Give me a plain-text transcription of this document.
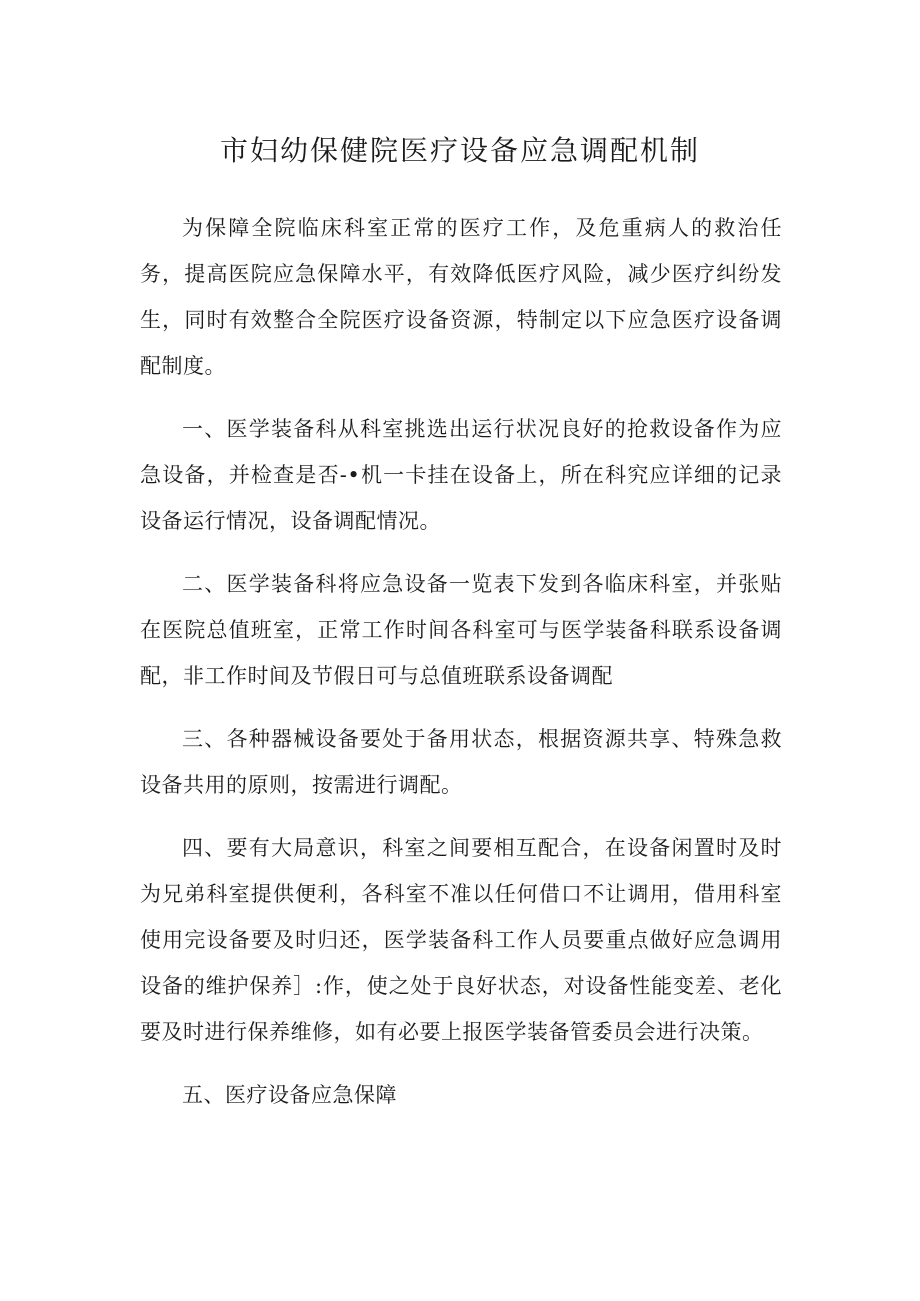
市妇幼保健院医疗设备应急调配机制

为保障全院临床科室正常的医疗工作，及危重病人的救治任务，提高医院应急保障水平，有效降低医疗风险，减少医疗纠纷发生，同时有效整合全院医疗设备资源，特制定以下应急医疗设备调配制度。

一、医学装备科从科室挑选出运行状况良好的抢救设备作为应急设备，并检查是否-•机一卡挂在设备上，所在科究应详细的记录设备运行情况，设备调配情况。

二、医学装备科将应急设备一览表下发到各临床科室，并张贴在医院总值班室，正常工作时间各科室可与医学装备科联系设备调配，非工作时间及节假日可与总值班联系设备调配

三、各种器械设备要处于备用状态，根据资源共享、特殊急救设备共用的原则，按需进行调配。

四、要有大局意识，科室之间要相互配合，在设备闲置时及时为兄弟科室提供便利，各科室不准以任何借口不让调用，借用科室使用完设备要及时归还，医学装备科工作人员要重点做好应急调用设备的维护保养］:作，使之处于良好状态，对设备性能变差、老化要及时进行保养维修，如有必要上报医学装备管委员会进行决策。

五、医疗设备应急保障
